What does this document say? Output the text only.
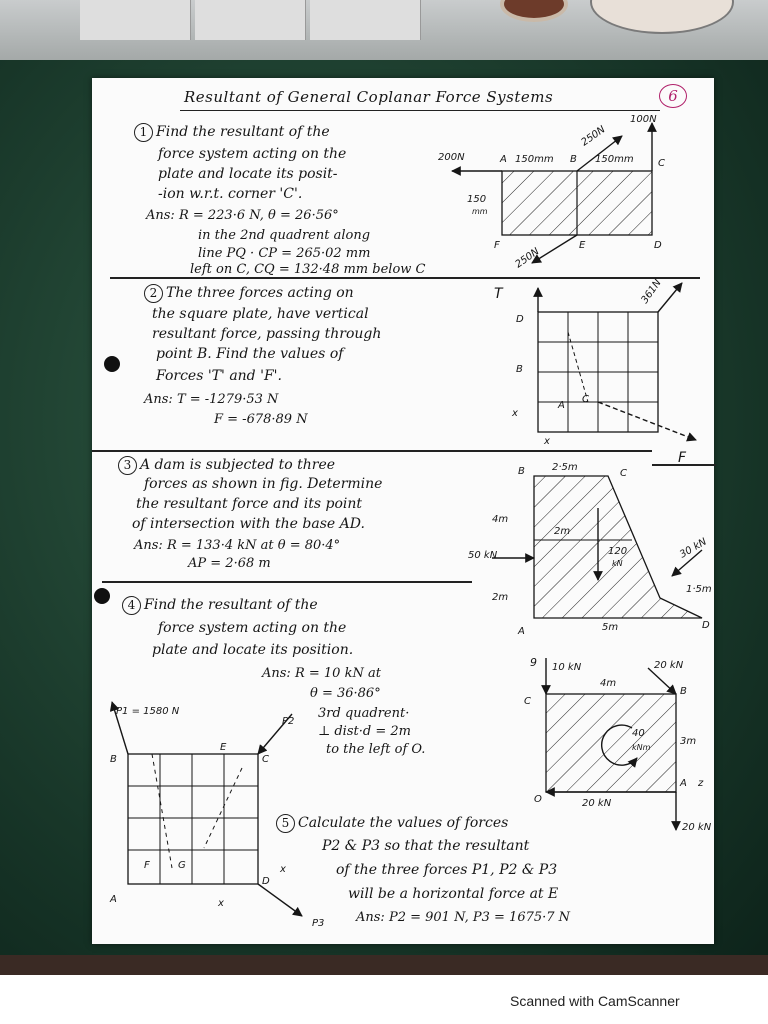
Resultant of General Coplanar Force Systems	6
1 Find the resultant of the
force system acting on the
plate and locate its posit-
-ion w.r.t. corner 'C'.
Ans: R = 223·6 N, θ = 26·56°
in the 2nd quadrent along
line PQ · CP = 265·02 mm
left on C, CQ = 132·48 mm below C
2 The three forces acting on
the square plate, have vertical
resultant force, passing through
point B. Find the values of
Forces 'T' and 'F'.
Ans: T = -1279·53 N
F = -678·89 N
3 A dam is subjected to three
forces as shown in fig. Determine
the resultant force and its point
of intersection with the base AD.
Ans: R = 133·4 kN at θ = 80·4°
AP = 2·68 m
4 Find the resultant of the
force system acting on the
plate and locate its position.
Ans: R = 10 kN at
θ = 36·86°
3rd quadrent·
⊥ dist·d = 2m
to the left of O.
5 Calculate the values of forces
P2 & P3 so that the resultant
of the three forces P1, P2 & P3
will be a horizontal force at E
Ans: P2 = 901 N, P3 = 1675·7 N
100N
250N
200N
250N
A 150mm B 150mm C
150
mm
F	E	D
T	361N
D
B
A
C
x
x
F
B	2·5m
C
4m
2m
50 kN	120
kN
30 kN
2m
1·5m
A	5m	D
9 10 kN	20 kN
4m
C
B
40
kNm
3m
A z
O	20 kN
20 kN
P1 = 1580 N
P2
B
E
C
F	G
D
x
A	x
P3
Scanned with CamScanner
